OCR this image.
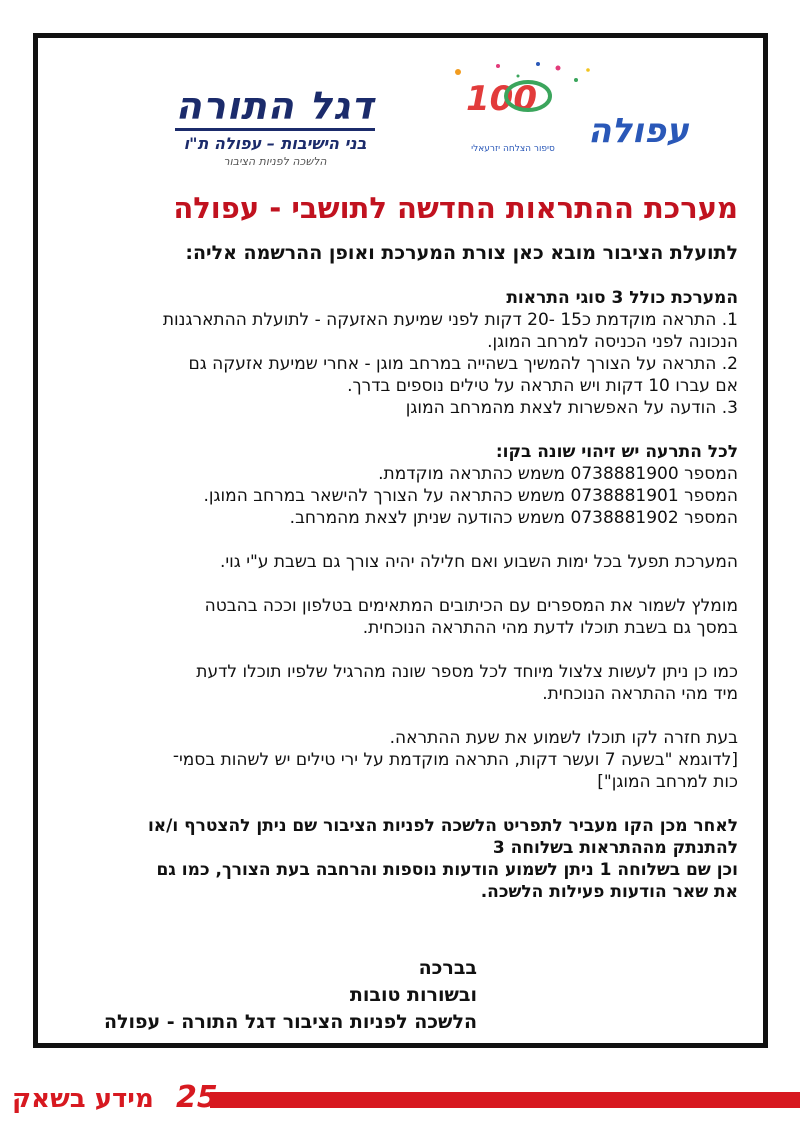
דגל התורה
בני הישיבות – עפולה ת"ו
הלשכה לפניות הציבור
100
עפולה
סיפור הצלחה יזרעאלי
מערכת ההתראות החדשה לתושבי - עפולה
לתועלת הציבור מובא כאן צורת המערכת ואופן ההרשמה אליה:

המערכת כולל 3 סוגי התראות

1. התראה מוקדמת כ15 -20 דקות לפני שמיעת האזעקה - לתועלת ההתארגנות
הנכונה לפני הכניסה למרחב המוגן.
2. התראה על הצורך להמשיך בשהייה במרחב מוגן - אחרי שמיעת אזעקה גם
אם עברו 10 דקות ויש התראה על טילים נוספים בדרך.
3. הודעה על האפשרות לצאת מהמרחב המוגן

לכל התרעה יש זיהוי שונה בקו:

המספר 0738881900 משמש כהתראה מוקדמת.
המספר 0738881901 משמש כהתראה על הצורך להישאר במרחב המוגן.
המספר 0738881902 משמש כהודעה שניתן לצאת מהמרחב.

המערכת תפעל בכל ימות השבוע ואם חלילה יהיה צורך גם בשבת ע"י גוי.

מומלץ לשמור את המספרים עם הכיתובים המתאימים בטלפון וככה בהבטה
במסך גם בשבת תוכלו לדעת מהי ההתראה הנוכחית.

כמו כן ניתן לעשות צלצול מיוחד לכל מספר שונה מהרגיל שלפיו תוכלו לדעת
מיד מהי ההתראה הנוכחית.

בעת חזרה לקו תוכלו לשמוע את שעת ההתראה.
[לדוגמא "בשעה 7 ועשר דקות, התראה מוקדמת על ירי טילים יש לשהות בסמי־
כות למרחב המוגן"]

לאחר מכן הקו מעביר לתפריט הלשכה לפניות הציבור שם ניתן להצטרף ו/או
להתנתק מההתראות בשלוחה 3
וכן שם בשלוחה 1 ניתן לשמוע הודעות נוספות והרחבה בעת הצורך, כמו גם
את שאר הודעות פעילות הלשכה.

בברכה
ובשורות טובות
הלשכה לפניות הציבור דגל התורה - עפולה
25
מידע בשאק
